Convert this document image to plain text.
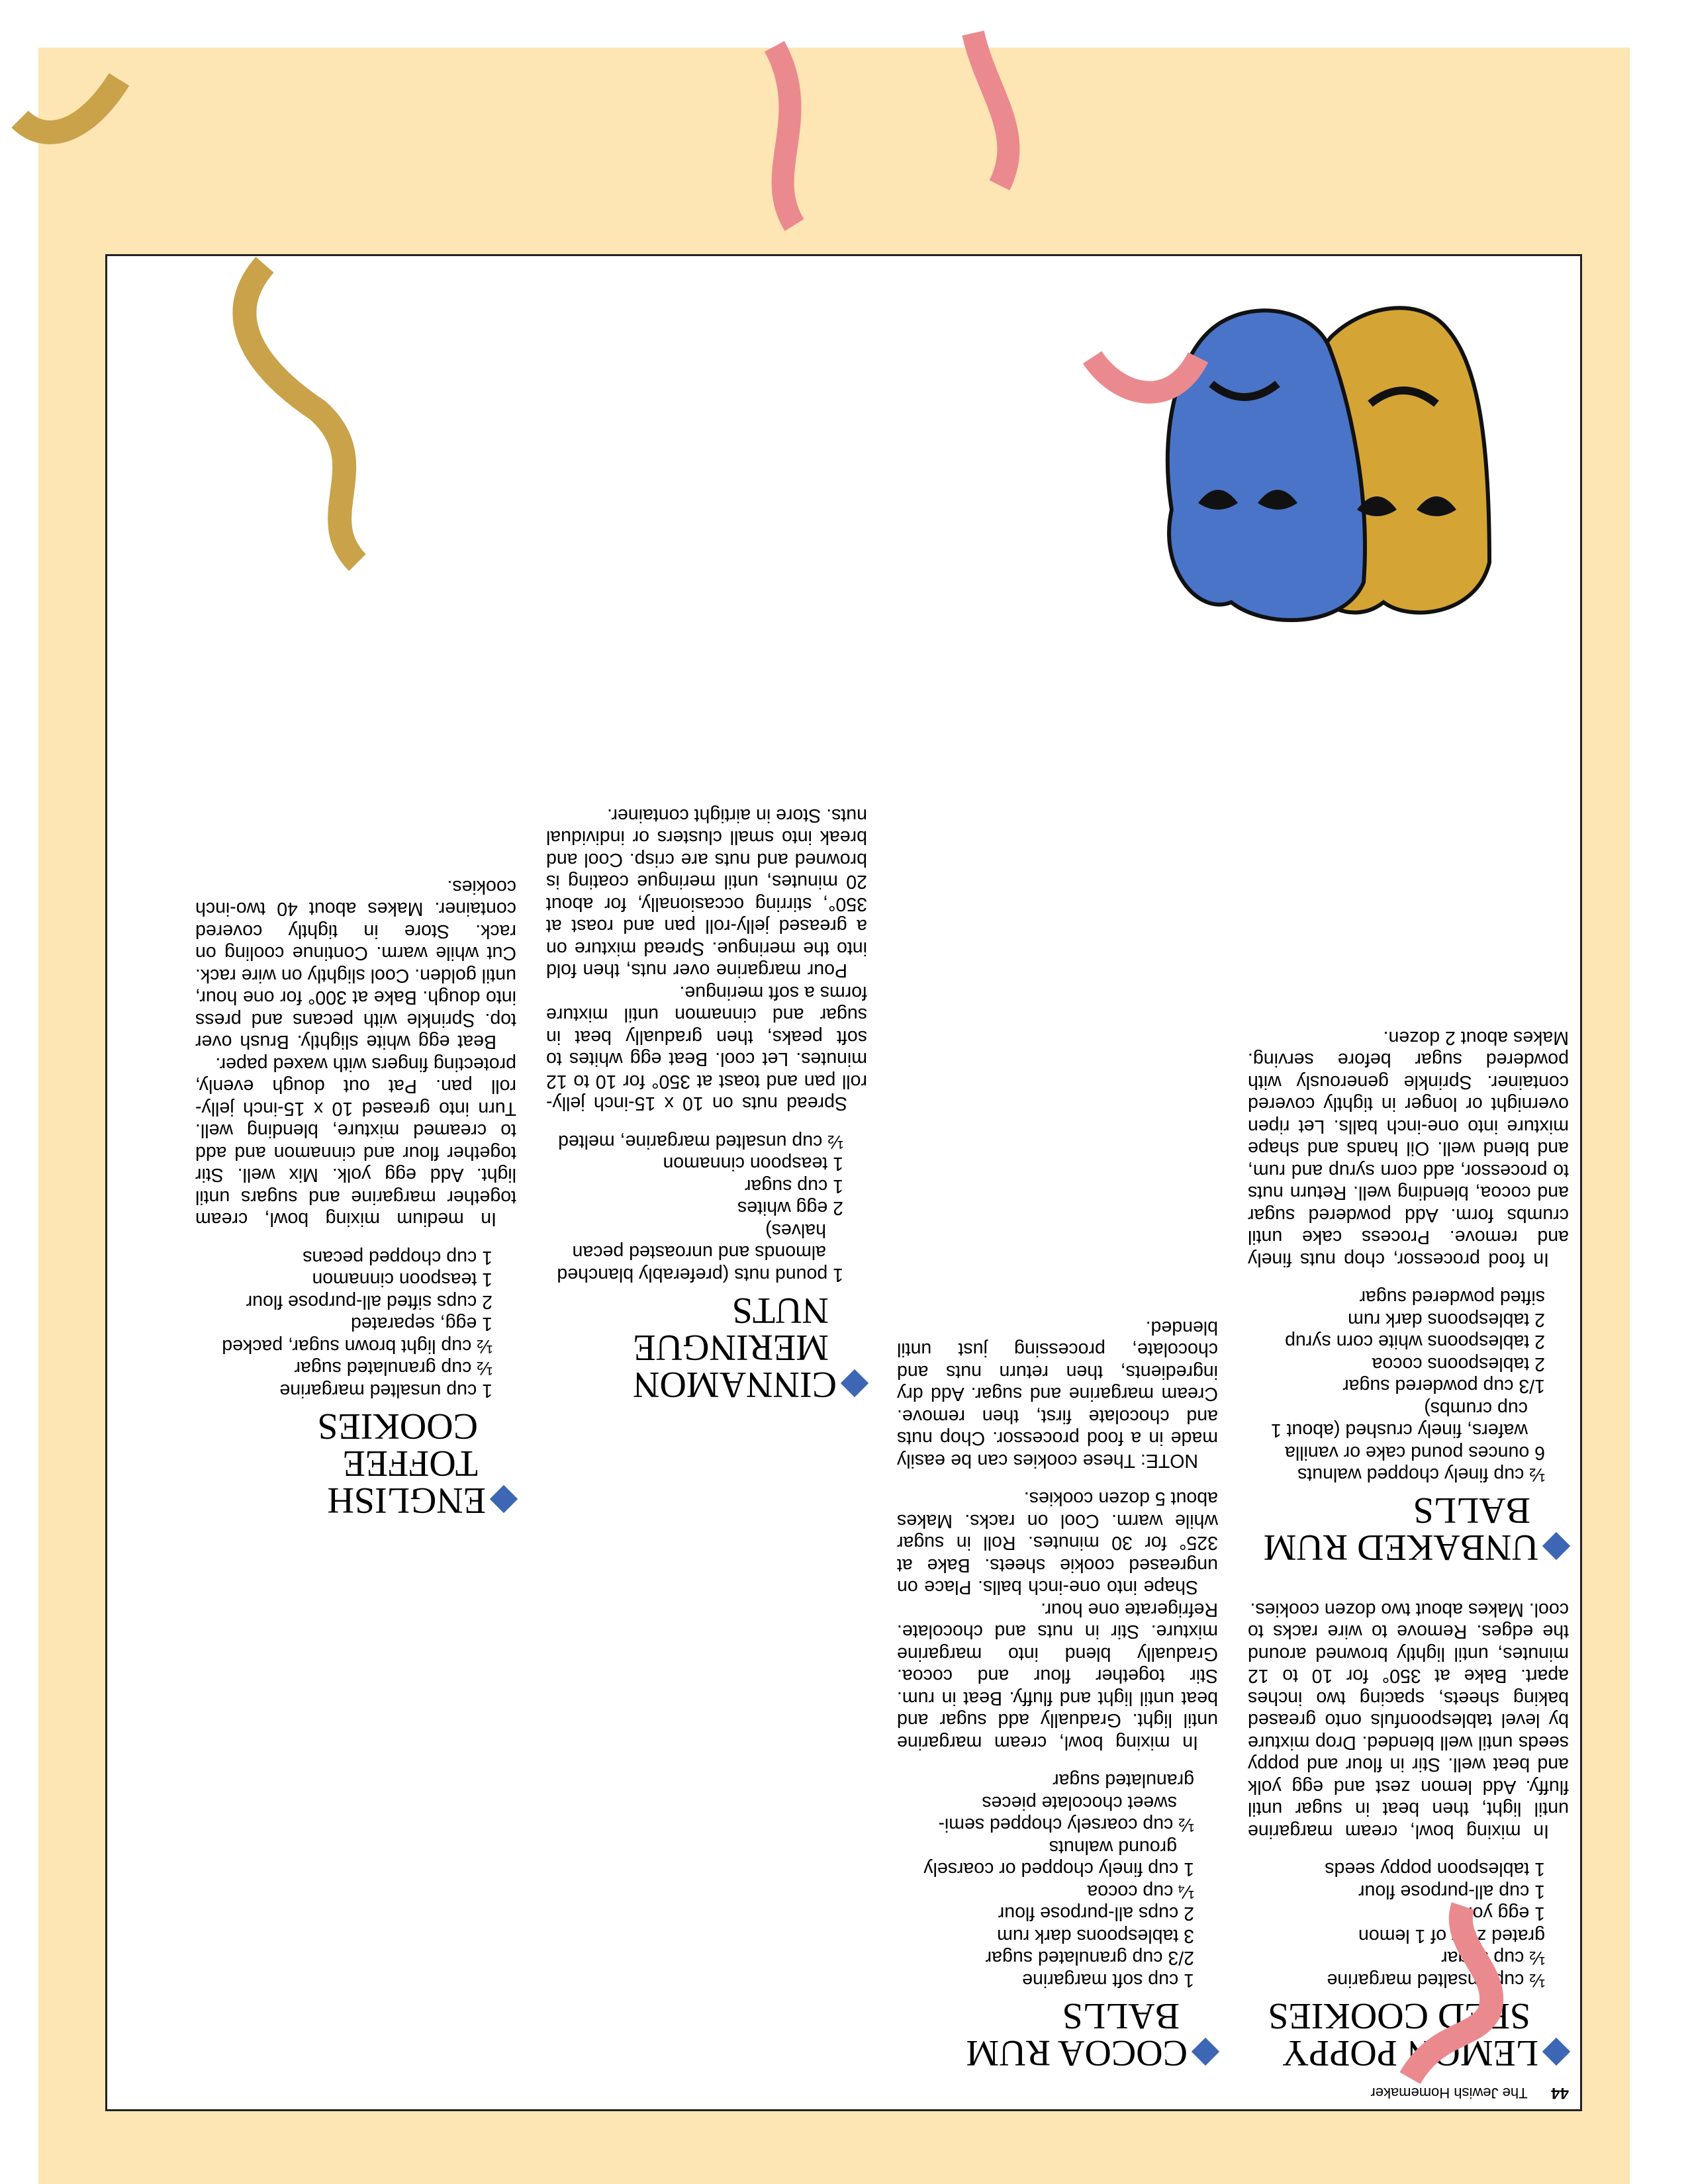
44 The Jewish Homemaker
LEMON POPPY
SEED COOKIES
½ cup unsalted margarine
½ cup sugar
grated zest of 1 lemon
1 egg yolk
1 cup all-purpose flour
1 tablespoon poppy seeds

In mixing bowl, cream margarine until light, then beat in sugar until fluffy. Add lemon zest and egg yolk and beat well. Stir in flour and poppy seeds until well blended. Drop mixture by level tablespoonfuls onto greased baking sheets, spacing two inches apart. Bake at 350° for 10 to 12 minutes, until lightly browned around the edges. Remove to wire racks to cool. Makes about two dozen cookies.

UNBAKED RUM
BALLS
½ cup finely chopped walnuts
6 ounces pound cake or vanilla wafers, finely crushed (about 1 cup crumbs)
1/3 cup powdered sugar
2 tablespoons cocoa
2 tablespoons white corn syrup
2 tablespoons dark rum
sifted powdered sugar

In food processor, chop nuts finely and remove. Process cake until crumbs form. Add powdered sugar and cocoa, blending well. Return nuts to processor, add corn syrup and rum, and blend well. Oil hands and shape mixture into one-inch balls. Let ripen overnight or longer in tightly covered container. Sprinkle generously with powdered sugar before serving. Makes about 2 dozen.

COCOA RUM
BALLS
1 cup soft margarine
2/3 cup granulated sugar
3 tablespoons dark rum
2 cups all-purpose flour
¼ cup cocoa
1 cup finely chopped or coarsely ground walnuts
½ cup coarsely chopped semi-sweet chocolate pieces
granulated sugar

In mixing bowl, cream margarine until light. Gradually add sugar and beat until light and fluffy. Beat in rum. Stir together flour and cocoa. Gradually blend into margarine mixture. Stir in nuts and chocolate. Refrigerate one hour.

Shape into one-inch balls. Place on ungreased cookie sheets. Bake at 325° for 30 minutes. Roll in sugar while warm. Cool on racks. Makes about 5 dozen cookies.

NOTE: These cookies can be easily made in a food processor. Chop nuts and chocolate first, then remove. Cream margarine and sugar. Add dry ingredients, then return nuts and chocolate, processing just until blended.

CINNAMON
MERINGUE NUTS
1 pound nuts (preferably blanched almonds and unroasted pecan halves)
2 egg whites
1 cup sugar
1 teaspoon cinnamon
½ cup unsalted margarine, melted

Spread nuts on 10 x 15-inch jelly-roll pan and toast at 350° for 10 to 12 minutes. Let cool. Beat egg whites to soft peaks, then gradually beat in sugar and cinnamon until mixture forms a soft meringue.

Pour margarine over nuts, then fold into the meringue. Spread mixture on a greased jelly-roll pan and roast at 350°, stirring occasionally, for about 20 minutes, until meringue coating is browned and nuts are crisp. Cool and break into small clusters or individual nuts. Store in airtight container.

ENGLISH
TOFFEE COOKIES
1 cup unsalted margarine
½ cup granulated sugar
½ cup light brown sugar, packed
1 egg, separated
2 cups sifted all-purpose flour
1 teaspoon cinnamon
1 cup chopped pecans

In medium mixing bowl, cream together margarine and sugars until light. Add egg yolk. Mix well. Stir together flour and cinnamon and add to creamed mixture, blending well. Turn into greased 10 x 15-inch jelly-roll pan. Pat out dough evenly, protecting fingers with waxed paper.

Beat egg white slightly. Brush over top. Sprinkle with pecans and press into dough. Bake at 300° for one hour, until golden. Cool slightly on wire rack. Cut while warm. Continue cooling on rack. Store in tightly covered container. Makes about 40 two-inch cookies.
